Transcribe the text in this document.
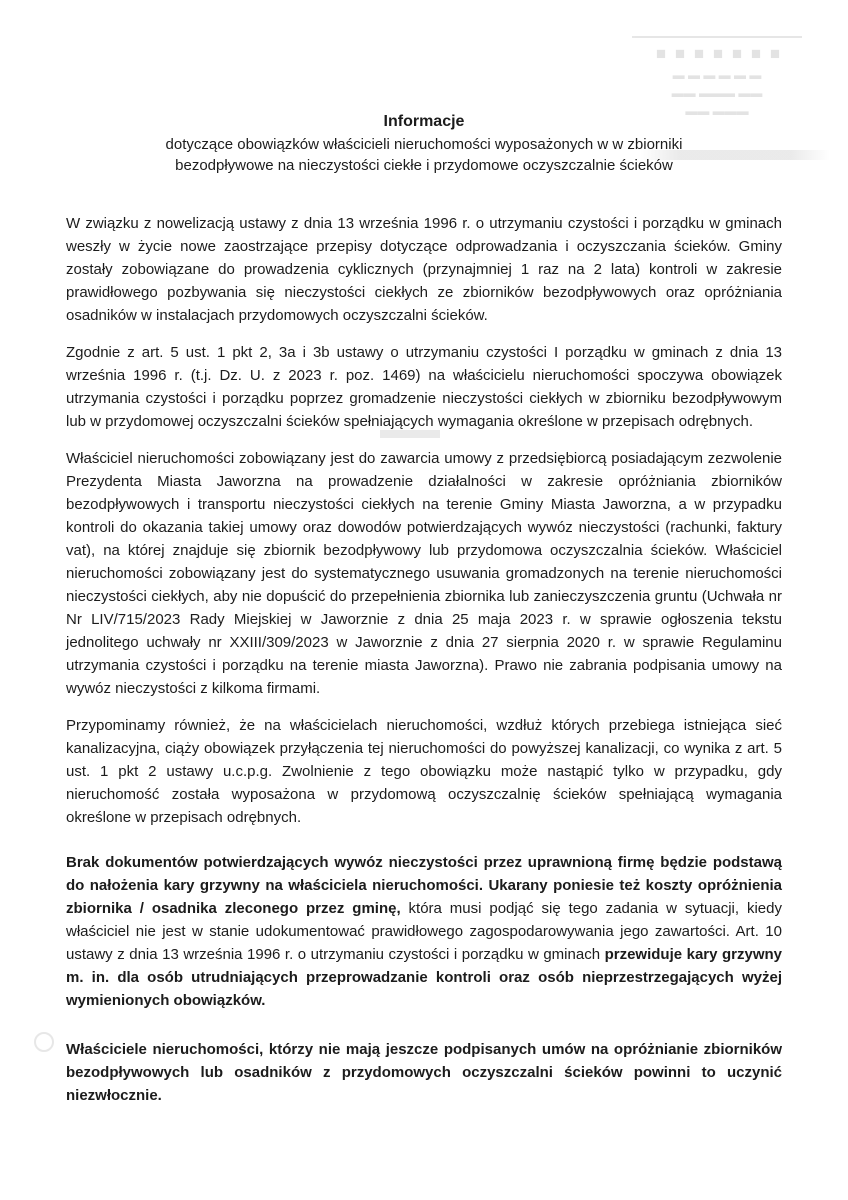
■ ■ ■ ■ ■ ■ ■
▬ ▬ ▬ ▬ ▬ ▬
▬▬ ▬▬▬ ▬▬
▬▬▬ ▬▬

Informacje

dotyczące obowiązków właścicieli nieruchomości wyposażonych w w zbiorniki bezodpływowe na nieczystości ciekłe i przydomowe oczyszczalnie ścieków

W związku z nowelizacją ustawy z dnia 13 września 1996 r. o utrzymaniu czystości i porządku w gminach weszły w życie nowe zaostrzające przepisy dotyczące odprowadzania i oczyszczania ścieków. Gminy zostały zobowiązane do prowadzenia cyklicznych (przynajmniej 1 raz na 2 lata) kontroli w zakresie prawidłowego pozbywania się nieczystości ciekłych ze zbiorników bezodpływowych oraz opróżniania osadników w instalacjach przydomowych oczyszczalni ścieków.

Zgodnie z art. 5 ust. 1 pkt 2, 3a i 3b ustawy o utrzymaniu czystości I porządku w gminach z dnia 13 września 1996 r. (t.j. Dz. U. z 2023 r. poz. 1469) na właścicielu nieruchomości spoczywa obowiązek utrzymania czystości i porządku poprzez gromadzenie nieczystości ciekłych w zbiorniku bezodpływowym lub w przydomowej oczyszczalni ścieków spełniających wymagania określone w przepisach odrębnych.

Właściciel nieruchomości zobowiązany jest do zawarcia umowy z przedsiębiorcą posiadającym zezwolenie Prezydenta Miasta Jaworzna na prowadzenie działalności w zakresie opróżniania zbiorników bezodpływowych i transportu nieczystości ciekłych na terenie Gminy Miasta Jaworzna, a w przypadku kontroli do okazania takiej umowy oraz dowodów potwierdzających wywóz nieczystości (rachunki, faktury vat), na której znajduje się zbiornik bezodpływowy lub przydomowa oczyszczalnia ścieków. Właściciel nieruchomości zobowiązany jest do systematycznego usuwania gromadzonych na terenie nieruchomości nieczystości ciekłych, aby nie dopuścić do przepełnienia zbiornika lub zanieczyszczenia gruntu (Uchwała nr Nr LIV/715/2023 Rady Miejskiej w Jaworznie z dnia 25 maja 2023 r. w sprawie ogłoszenia tekstu jednolitego uchwały nr XXIII/309/2023 w Jaworznie z dnia 27 sierpnia 2020 r. w sprawie Regulaminu utrzymania czystości i porządku na terenie miasta Jaworzna). Prawo nie zabrania podpisania umowy na wywóz nieczystości z kilkoma firmami.

Przypominamy również, że na właścicielach nieruchomości, wzdłuż których przebiega istniejąca sieć kanalizacyjna, ciąży obowiązek przyłączenia tej nieruchomości do powyższej kanalizacji, co wynika z art. 5 ust. 1 pkt 2 ustawy u.c.p.g. Zwolnienie z tego obowiązku może nastąpić tylko w przypadku, gdy nieruchomość została wyposażona w przydomową oczyszczalnię ścieków spełniającą wymagania określone w przepisach odrębnych.

Brak dokumentów potwierdzających wywóz nieczystości przez uprawnioną firmę będzie podstawą do nałożenia kary grzywny na właściciela nieruchomości. Ukarany poniesie też koszty opróżnienia zbiornika / osadnika zleconego przez gminę, która musi podjąć się tego zadania w sytuacji, kiedy właściciel nie jest w stanie udokumentować prawidłowego zagospodarowywania jego zawartości. Art. 10 ustawy z dnia 13 września 1996 r. o utrzymaniu czystości i porządku w gminach przewiduje kary grzywny m. in. dla osób utrudniających przeprowadzanie kontroli oraz osób nieprzestrzegających wyżej wymienionych obowiązków.

Właściciele nieruchomości, którzy nie mają jeszcze podpisanych umów na opróżnianie zbiorników bezodpływowych lub osadników z przydomowych oczyszczalni ścieków powinni to uczynić niezwłocznie.
